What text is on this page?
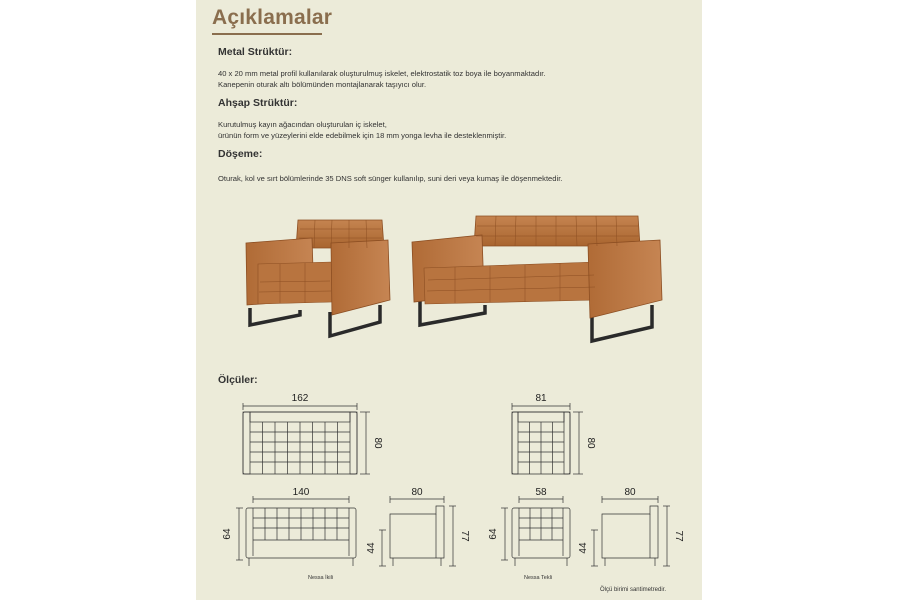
Açıklamalar
Metal Strüktür:
40 x 20 mm metal profil kullanılarak oluşturulmuş iskelet, elektrostatik toz boya ile boyanmaktadır.
Kanepenin oturak altı bölümünden montajlanarak taşıyıcı olur.
Ahşap Strüktür:
Kurutulmuş kayın ağacından oluşturulan iç iskelet,
ürünün form ve yüzeylerini elde edebilmek için 18 mm yonga levha ile desteklenmiştir.
Döşeme:
Oturak, kol ve sırt bölümlerinde 35 DNS soft sünger kullanılıp, suni deri veya kumaş ile döşenmektedir.
Ölçüler:
Nessa İkili	Nessa Tekli
Ölçü birimi santimetredir.
162
80
81
80
140
64
80
44
77
58
64
80
44
77
